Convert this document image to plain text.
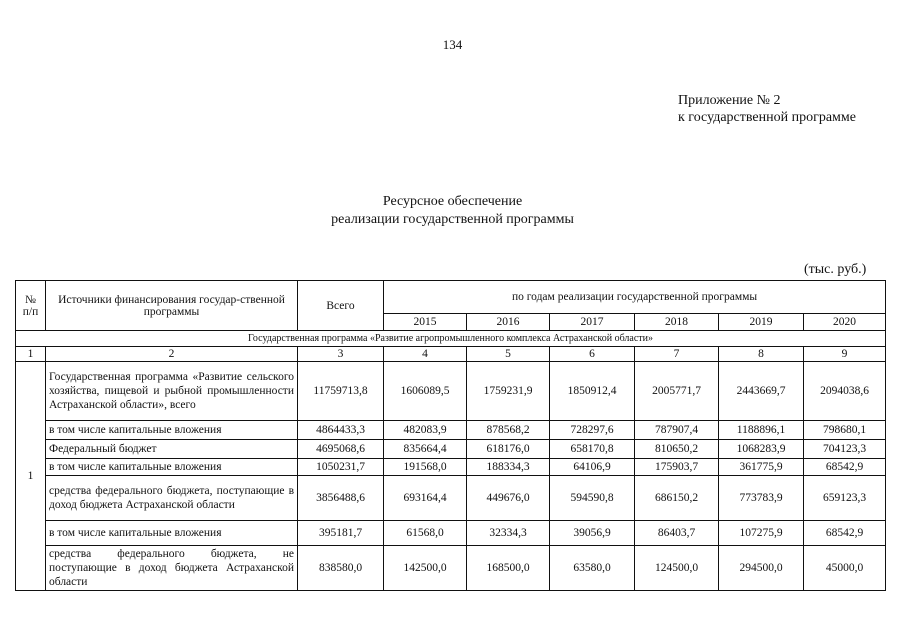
134
Приложение № 2
к государственной программе
Ресурсное обеспечение
реализации государственной программы
(тыс. руб.)
№ п/п	Источники финансирования государ-ственной программы	Всего	по годам реализации государственной программы					
			2015	2016	2017	2018	2019	2020
Государственная программа «Развитие агропромышленного комплекса Астраханской области»								
1	2	3	4	5	6	7	8	9
1	Государственная программа «Развитие сельского хозяйства, пищевой и рыбной промышленности Астраханской области», всего	11759713,8	1606089,5	1759231,9	1850912,4	2005771,7	2443669,7	2094038,6
	в том числе капитальные вложения	4864433,3	482083,9	878568,2	728297,6	787907,4	1188896,1	798680,1
	Федеральный бюджет	4695068,6	835664,4	618176,0	658170,8	810650,2	1068283,9	704123,3
	в том числе капитальные вложения	1050231,7	191568,0	188334,3	64106,9	175903,7	361775,9	68542,9
	средства федерального бюджета, поступающие в доход бюджета Астраханской области	3856488,6	693164,4	449676,0	594590,8	686150,2	773783,9	659123,3
	в том числе капитальные вложения	395181,7	61568,0	32334,3	39056,9	86403,7	107275,9	68542,9
	средства федерального бюджета, не поступающие в доход бюджета Астраханской области	838580,0	142500,0	168500,0	63580,0	124500,0	294500,0	45000,0
